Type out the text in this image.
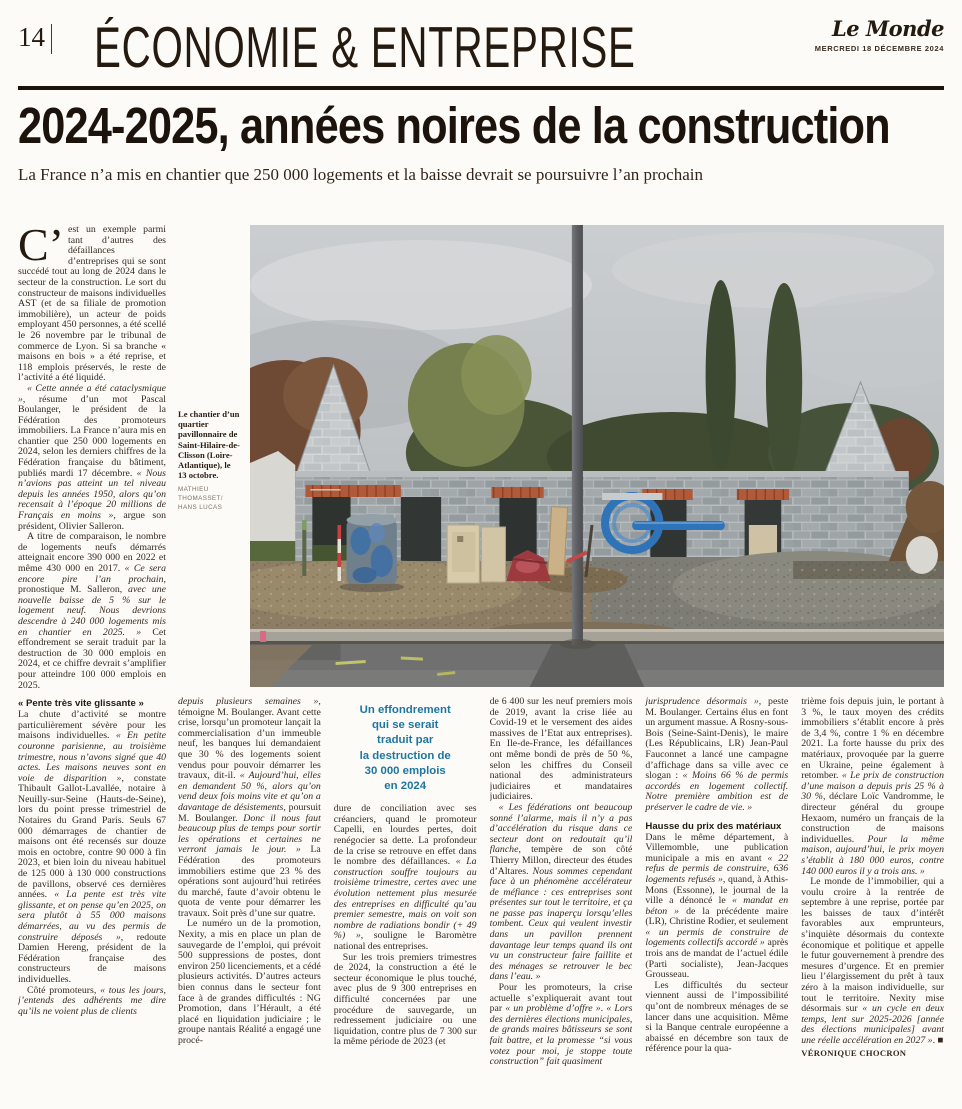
14 ÉCONOMIE & ENTREPRISE	Le Monde
MERCREDI 18 DÉCEMBRE 2024
2024-2025, années noires de la construction
La France n’a mis en chantier que 250 000 logements et la baisse devrait se poursuivre l’an prochain

C’ est un exemple parmi tant d’autres des défaillances d’entreprises qui se sont succédé tout au long de 2024 dans le secteur de la construction. Le sort du constructeur de maisons individuelles AST (et de sa filiale de promotion immobilière), un acteur de poids employant 450 personnes, a été scellé le 26 novembre par le tribunal de commerce de Lyon. Si sa branche « maisons en bois » a été reprise, et 118 emplois préservés, le reste de l’activité a été liquidé.

« Cette année a été cataclysmique », résume d’un mot Pascal Boulanger, le président de la Fédération des promoteurs immobiliers. La France n’aura mis en chantier que 250 000 logements en 2024, selon les derniers chiffres de la Fédération française du bâtiment, publiés mardi 17 décembre. « Nous n’avions pas atteint un tel niveau depuis les années 1950, alors qu’on recensait à l’époque 20 millions de Français en moins », argue son président, Olivier Salleron.

A titre de comparaison, le nombre de logements neufs démarrés atteignait encore 390 000 en 2022 et même 430 000 en 2017. « Ce sera encore pire l’an prochain, pronostique M. Salleron, avec une nouvelle baisse de 5 % sur le logement neuf. Nous devrions descendre à 240 000 logements mis en chantier en 2025. » Cet effondrement se serait traduit par la destruction de 30 000 emplois en 2024, et ce chiffre devrait s’amplifier pour atteindre 100 000 emplois en 2025.

« Pente très vite glissante »

La chute d’activité se montre particulièrement sévère pour les maisons individuelles. « En petite couronne parisienne, au troisième trimestre, nous n’avons signé que 40 actes. Les maisons neuves sont en voie de disparition », constate Thibault Gallot-Lavallée, notaire à Neuilly-sur-Seine (Hauts-de-Seine), lors du point presse trimestriel de Notaires du Grand Paris. Seuls 67 000 démarrages de chantier de maisons ont été recensés sur douze mois en octobre, contre 90 000 à fin 2023, et bien loin du niveau habituel de 125 000 à 130 000 constructions de pavillons, observé ces dernières années. « La pente est très vite glissante, et on pense qu’en 2025, on sera plutôt à 55 000 maisons démarrées, au vu des permis de construire déposés », redoute Damien Hereng, président de la Fédération française des constructeurs de maisons individuelles.

Côté promoteurs, « tous les jours, j’entends des adhérents me dire qu’ils ne voient plus de clients

Le chantier d’un quartier pavillonnaire de Saint-Hilaire-de-Clisson (Loire-Atlantique), le 13 octobre.
MATHIEU THOMASSET/ HANS LUCAS

depuis plusieurs semaines », témoigne M. Boulanger. Avant cette crise, lorsqu’un promoteur lançait la commercialisation d’un immeuble neuf, les banques lui demandaient que 30 % des logements soient vendus pour pouvoir démarrer les travaux, dit-il. « Aujourd’hui, elles en demandent 50 %, alors qu’on vend deux fois moins vite et qu’on a davantage de désistements, poursuit M. Boulanger. Donc il nous faut beaucoup plus de temps pour sortir les opérations et certaines ne verront jamais le jour. » La Fédération des promoteurs immobiliers estime que 23 % des opérations sont aujourd’hui retirées du marché, faute d’avoir obtenu le quota de vente pour démarrer les travaux. Soit près d’une sur quatre.

Le numéro un de la promotion, Nexity, a mis en place un plan de sauvegarde de l’emploi, qui prévoit 500 suppressions de postes, dont environ 250 licenciements, et a cédé plusieurs activités. D’autres acteurs bien connus dans le secteur font face à de grandes difficultés : NG Promotion, dans l’Hérault, a été placé en liquidation judiciaire ; le groupe nantais Réalité a engagé une procé-

Un effondrement
qui se serait
traduit par
la destruction de
30 000 emplois
en 2024

dure de conciliation avec ses créanciers, quand le promoteur Capelli, en lourdes pertes, doit renégocier sa dette. La profondeur de la crise se retrouve en effet dans le nombre des défaillances. « La construction souffre toujours au troisième trimestre, certes avec une évolution nettement plus mesurée des entreprises en difficulté qu’au premier semestre, mais on voit son nombre de radiations bondir (+ 49 %) », souligne le Baromètre national des entreprises.

Sur les trois premiers trimestres de 2024, la construction a été le secteur économique le plus touché, avec plus de 9 300 entreprises en difficulté concernées par une procédure de sauvegarde, un redressement judiciaire ou une liquidation, contre plus de 7 300 sur la même période de 2023 (et

de 6 400 sur les neuf premiers mois de 2019, avant la crise liée au Covid-19 et le versement des aides massives de l’Etat aux entreprises). En Ile-de-France, les défaillances ont même bondi de près de 50 %, selon les chiffres du Conseil national des administrateurs judiciaires et mandataires judiciaires.

« Les fédérations ont beaucoup sonné l’alarme, mais il n’y a pas d’accélération du risque dans ce secteur dont on redoutait qu’il flanche, tempère de son côté Thierry Millon, directeur des études d’Altares. Nous sommes cependant face à un phénomène accélérateur de méfiance : ces entreprises sont présentes sur tout le territoire, et ça ne passe pas inaperçu lorsqu’elles tombent. Ceux qui veulent investir dans un pavillon prennent davantage leur temps quand ils ont vu un constructeur faire faillite et des ménages se retrouver le bec dans l’eau. »

Pour les promoteurs, la crise actuelle s’expliquerait avant tout par « un problème d’offre ». « Lors des dernières élections municipales, de grands maires bâtisseurs se sont fait battre, et la promesse “si vous votez pour moi, je stoppe toute construction” fait quasiment

jurisprudence désormais », peste M. Boulanger. Certains élus en font un argument massue. A Rosny-sous-Bois (Seine-Saint-Denis), le maire (Les Républicains, LR) Jean-Paul Fauconnet a lancé une campagne d’affichage dans sa ville avec ce slogan : « Moins 66 % de permis accordés en logement collectif. Notre première ambition est de préserver le cadre de vie. »

Hausse du prix des matériaux

Dans le même département, à Villemomble, une publication municipale a mis en avant « 22 refus de permis de construire, 636 logements refusés », quand, à Athis-Mons (Essonne), le journal de la ville a dénoncé le « mandat en béton » de la précédente maire (LR), Christine Rodier, et seulement « un permis de construire de logements collectifs accordé » après trois ans de mandat de l’actuel édile (Parti socialiste), Jean-Jacques Grousseau.

Les difficultés du secteur viennent aussi de l’impossibilité qu’ont de nombreux ménages de se lancer dans une acquisition. Même si la Banque centrale européenne a abaissé en décembre son taux de référence pour la qua-

trième fois depuis juin, le portant à 3 %, le taux moyen des crédits immobiliers s’établit encore à près de 3,4 %, contre 1 % en décembre 2021. La forte hausse du prix des matériaux, provoquée par la guerre en Ukraine, peine également à retomber. « Le prix de construction d’une maison a depuis pris 25 % à 30 %, déclare Loïc Vandromme, le directeur général du groupe Hexaom, numéro un français de la construction de maisons individuelles. Pour la même maison, aujourd’hui, le prix moyen s’établit à 180 000 euros, contre 140 000 euros il y a trois ans. »

Le monde de l’immobilier, qui a voulu croire à la rentrée de septembre à une reprise, portée par les baisses de taux d’intérêt favorables aux emprunteurs, s’inquiète désormais du contexte économique et politique et appelle le futur gouvernement à prendre des mesures d’urgence. Et en premier lieu l’élargissement du prêt à taux zéro à la maison individuelle, sur tout le territoire. Nexity mise désormais sur « un cycle en deux temps, lent sur 2025-2026 [année des élections municipales] avant une réelle accélération en 2027 ». ■

VÉRONIQUE CHOCRON
